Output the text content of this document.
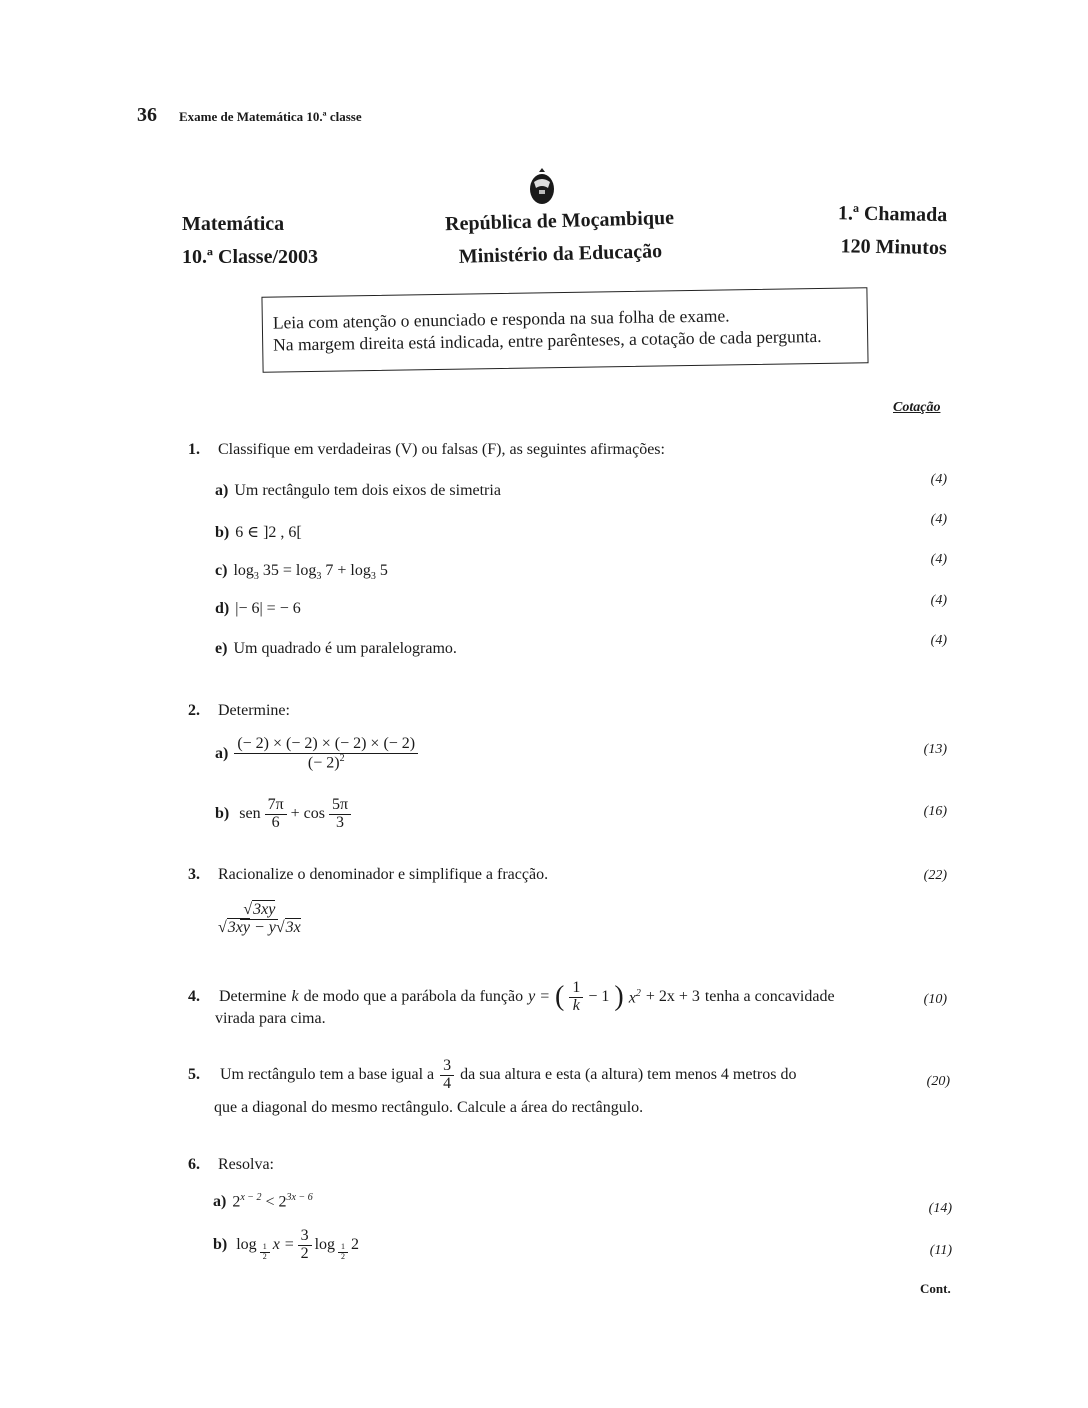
36 Exame de Matemática 10.ª classe
Matemática
10.ª Classe/2003
República de Moçambique
Ministério da Educação
1.ª Chamada
120 Minutos
Leia com atenção o enunciado e responda na sua folha de exame.
Na margem direita está indicada, entre parênteses, a cotação de cada pergunta.
Cotação
1. Classifique em verdadeiras (V) ou falsas (F), as seguintes afirmações:
a) Um rectângulo tem dois eixos de simetria
(4)
b) 6 ∈ ]2 , 6[
(4)
c) $\log_3 35 = \log_3 7 + \log_3 5$
(4)
d) |− 6| = − 6	(4)
e) Um quadrado é um paralelogramo.	(4)
2. Determine:
$a) \frac{(- 2) \times (- 2) \times (- 2) \times (- 2)}{(- 2)^2}$	(13)
b) sen $\frac{7\pi}{6} + \cos \frac{5\pi}{3}$	(16)
3. Racionalize o denominador e simplifique a fracção.	(22)
$\frac{√3xy}{√3xy - y√3x}$
4.	Determine k de modo que a parábola da função y = ( $\frac{1}{k} - 1$ ) $x^2 + 2x + 3$ tenha a concavidade
virada para cima.
(10)
5.	Um rectângulo tem a base igual a $\frac{3}{4}$ da sua altura e esta (a altura) tem menos 4 metros do
que a diagonal do mesmo rectângulo. Calcule a área do rectângulo.
(20)
6. Resolva:
a) $2^{x - 2} < 2^{3x - 6}$
(14)
b) $\log \frac{1}{2}$ $x = \frac{3}{2}$ $\log \frac{1}{2} 2$	(11)
Cont.
